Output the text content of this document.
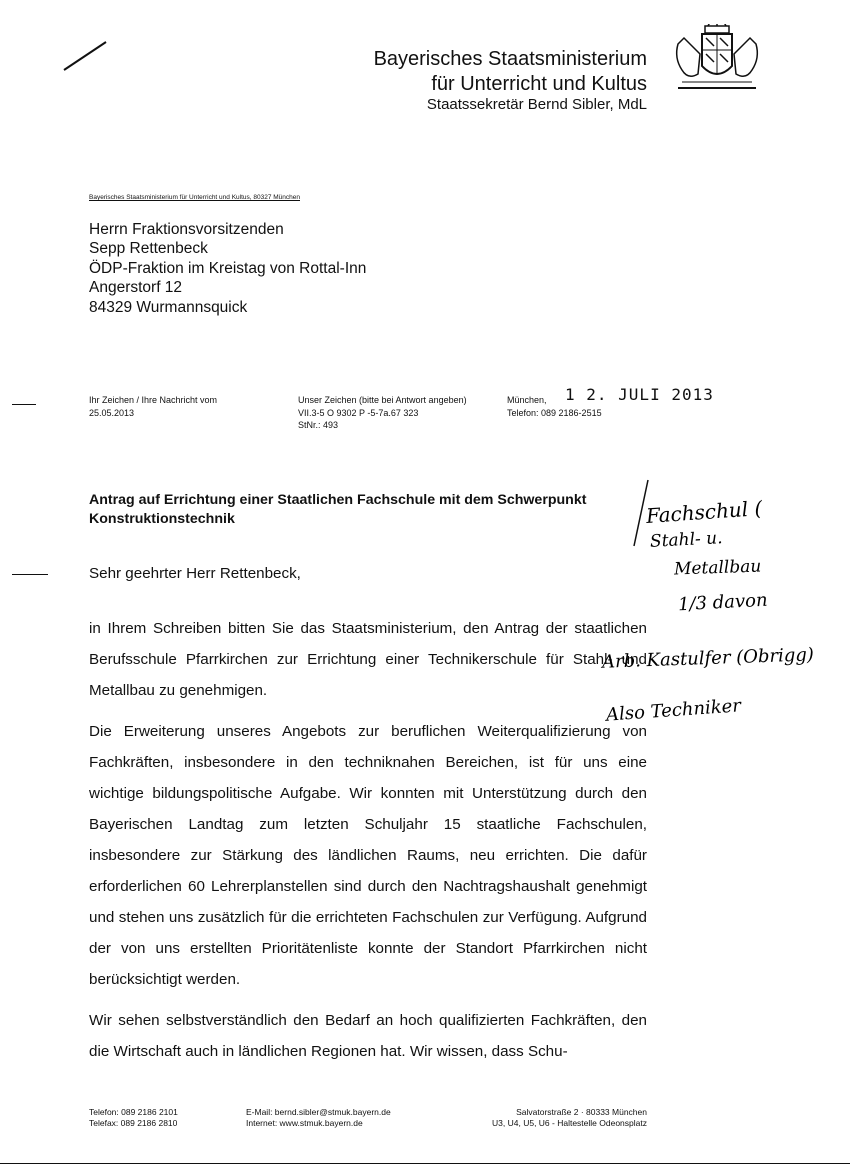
Bayerisches Staatsministerium
für Unterricht und Kultus
Staatssekretär Bernd Sibler, MdL
Bayerisches Staatsministerium für Unterricht und Kultus, 80327 München
Herrn Fraktionsvorsitzenden
Sepp Rettenbeck
ÖDP-Fraktion im Kreistag von Rottal-Inn
Angerstorf 12
84329 Wurmannsquick
Ihr Zeichen / Ihre Nachricht vom
25.05.2013
Unser Zeichen (bitte bei Antwort angeben)
VII.3-5 O 9302 P -5-7a.67 323
StNr.: 493
München, 1 2. JULI 2013
Telefon: 089 2186-2515
Antrag auf Errichtung einer Staatlichen Fachschule mit dem Schwerpunkt Konstruktionstechnik
Sehr geehrter Herr Rettenbeck,
in Ihrem Schreiben bitten Sie das Staatsministerium, den Antrag der staatlichen Berufsschule Pfarrkirchen zur Errichtung einer Technikerschule für Stahl- und Metallbau zu genehmigen.
Die Erweiterung unseres Angebots zur beruflichen Weiterqualifizierung von Fachkräften, insbesondere in den techniknahen Bereichen, ist für uns eine wichtige bildungspolitische Aufgabe. Wir konnten mit Unterstützung durch den Bayerischen Landtag zum letzten Schuljahr 15 staatliche Fachschulen, insbesondere zur Stärkung des ländlichen Raums, neu errichten. Die dafür erforderlichen 60 Lehrerplanstellen sind durch den Nachtragshaushalt genehmigt und stehen uns zusätzlich für die errichteten Fachschulen zur Verfügung. Aufgrund der von uns erstellten Prioritätenliste konnte der Standort Pfarrkirchen nicht berücksichtigt werden.
Wir sehen selbstverständlich den Bedarf an hoch qualifizierten Fachkräften, den die Wirtschaft auch in ländlichen Regionen hat. Wir wissen, dass Schu-
Fachschul (
Stahl- u.
Metallbau
1/3 davon
Arb. Kastulfer (Obrigg)
Also Techniker
Telefon: 089 2186 2101
Telefax: 089 2186 2810
E-Mail: bernd.sibler@stmuk.bayern.de
Internet: www.stmuk.bayern.de
Salvatorstraße 2 · 80333 München
U3, U4, U5, U6 - Haltestelle Odeonsplatz
